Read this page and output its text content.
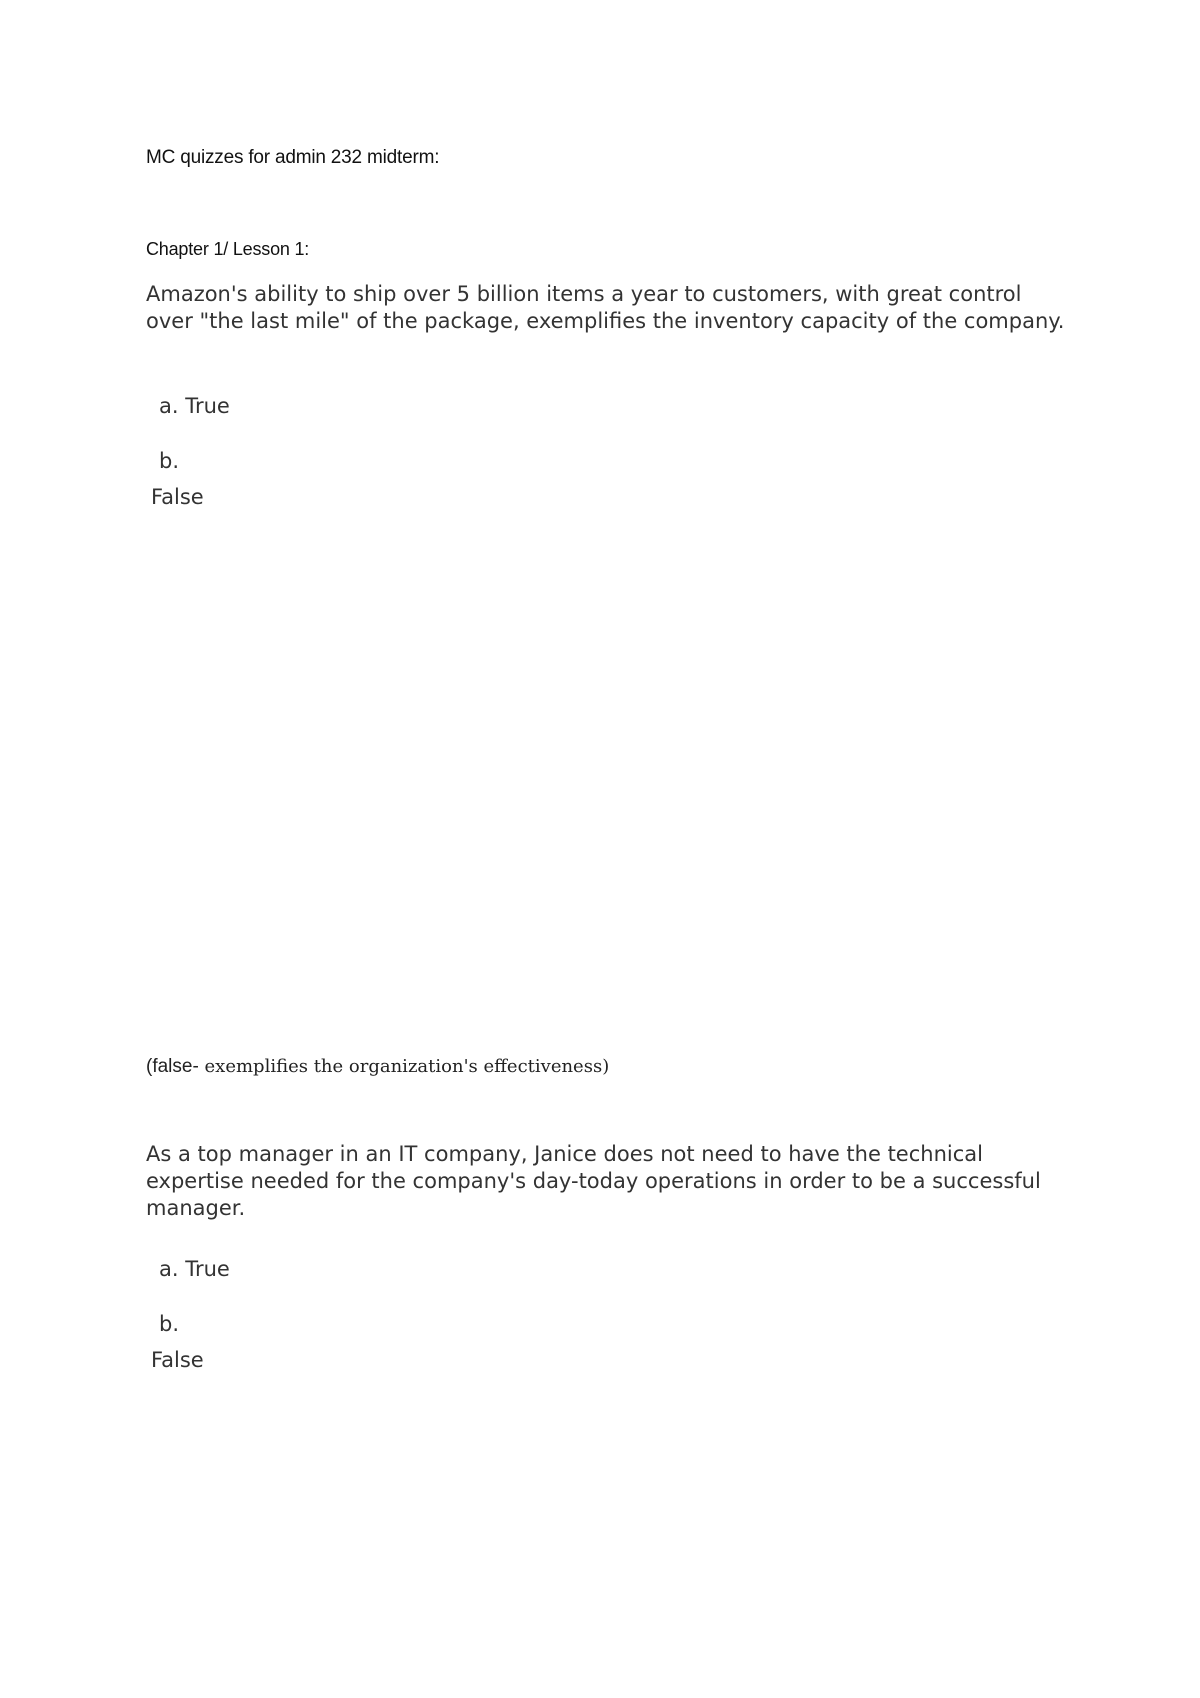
MC quizzes for admin 232 midterm:
Chapter 1/ Lesson 1:
Amazon's ability to ship over 5 billion items a year to customers, with great control over "the last mile" of the package, exemplifies the inventory capacity of the company.
a. True
b.
False
(false- exemplifies the organization's effectiveness)
As a top manager in an IT company, Janice does not need to have the technical expertise needed for the company's day-today operations in order to be a successful manager.
a. True
b.
False
